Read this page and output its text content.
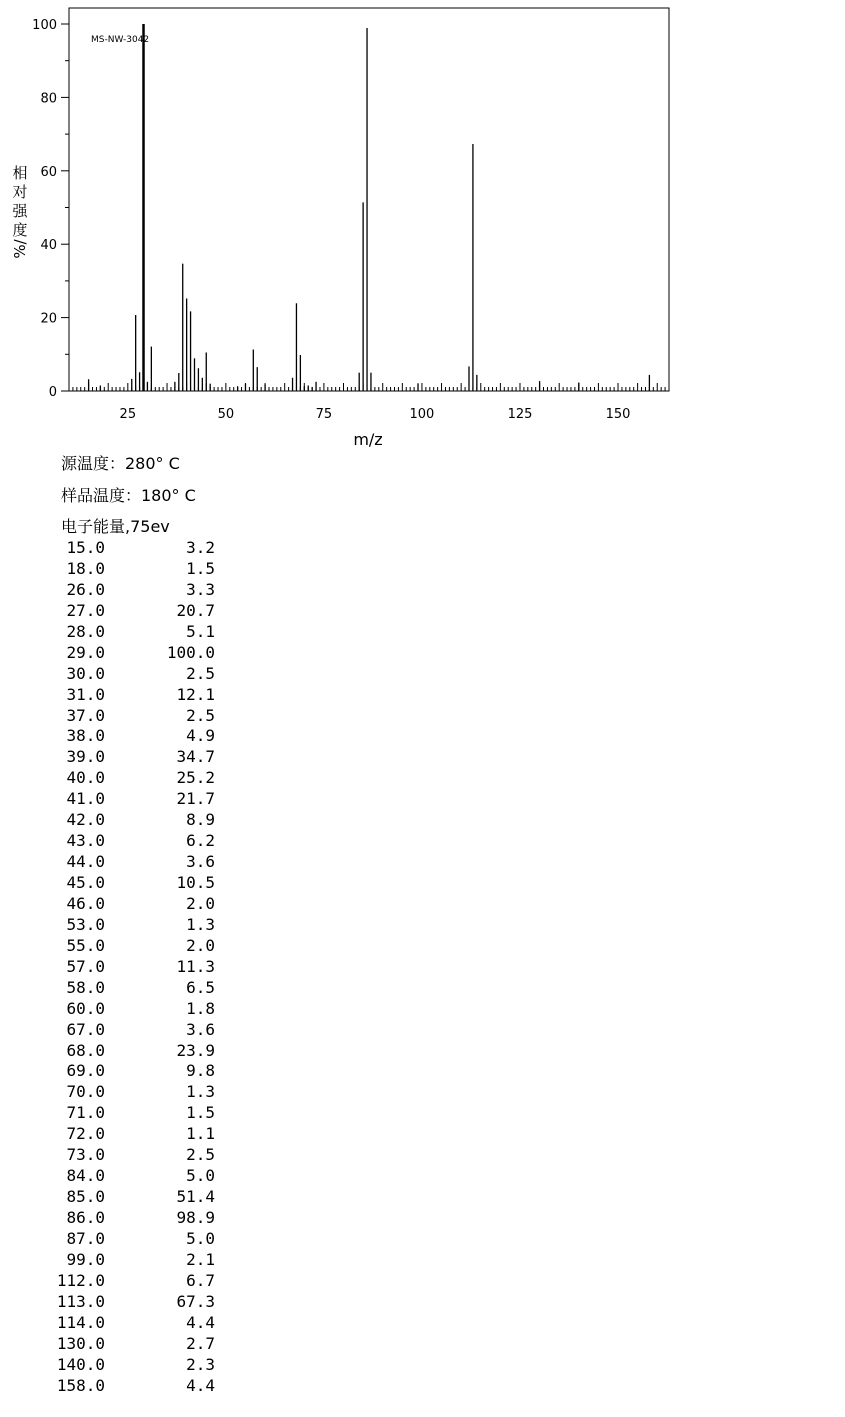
0
20
40
60
80
100
25	50	75	100	125	150
MS-NW-3042
m/z
相
对
强
度
%/
源温度：280° C
样品温度：180° C
电子能量,75ev
15.0	3.2
18.0	1.5
26.0	3.3
27.0	20.7
28.0	5.1
29.0	100.0
30.0	2.5
31.0	12.1
37.0	2.5
38.0	4.9
39.0	34.7
40.0	25.2
41.0	21.7
42.0	8.9
43.0	6.2
44.0	3.6
45.0	10.5
46.0	2.0
53.0	1.3
55.0	2.0
57.0	11.3
58.0	6.5
60.0	1.8
67.0	3.6
68.0	23.9
69.0	9.8
70.0	1.3
71.0	1.5
72.0	1.1
73.0	2.5
84.0	5.0
85.0	51.4
86.0	98.9
87.0	5.0
99.0	2.1
112.0	6.7
113.0	67.3
114.0	4.4
130.0	2.7
140.0	2.3
158.0	4.4
